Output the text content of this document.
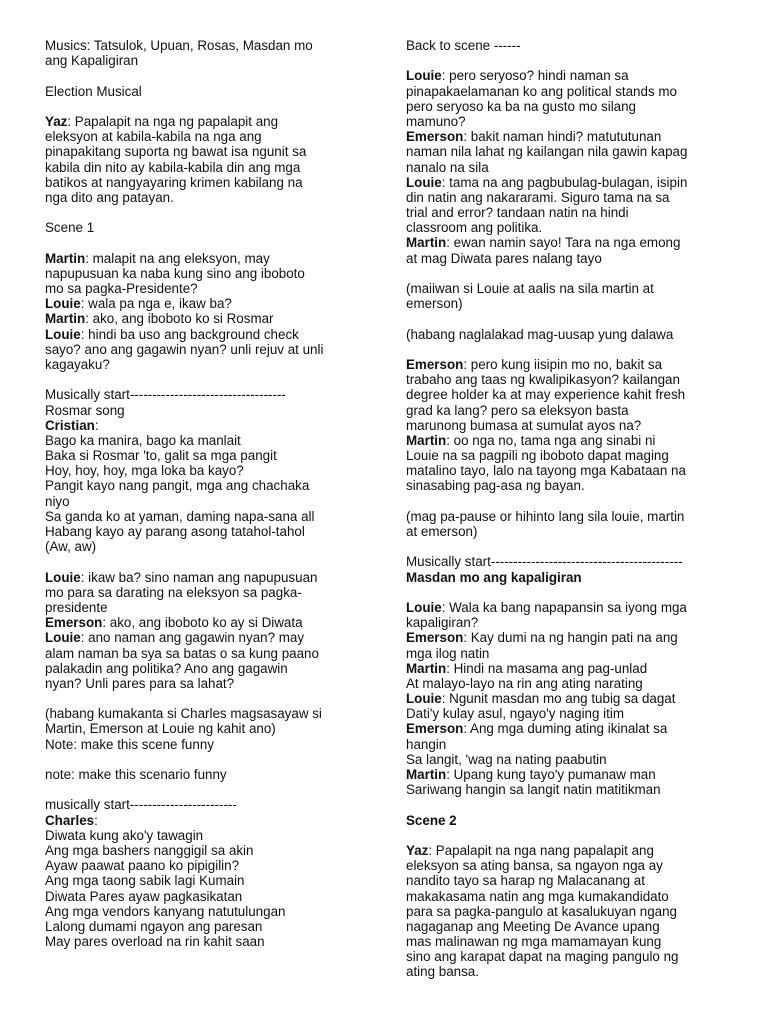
Musics: Tatsulok, Upuan, Rosas, Masdan mo
ang Kapaligiran
Election Musical
Yaz: Papalapit na nga ng papalapit ang
eleksyon at kabila-kabila na nga ang
pinapakitang suporta ng bawat isa ngunit sa
kabila din nito ay kabila-kabila din ang mga
batikos at nangyayaring krimen kabilang na
nga dito ang patayan.
Scene 1
Martin: malapit na ang eleksyon, may
napupusuan ka naba kung sino ang iboboto
mo sa pagka-Presidente?
Louie: wala pa nga e, ikaw ba?
Martin: ako, ang iboboto ko si Rosmar
Louie: hindi ba uso ang background check
sayo? ano ang gagawin nyan? unli rejuv at unli
kagayaku?
Musically start-----------------------------------
Rosmar song
Cristian:
Bago ka manira, bago ka manlait
Baka si Rosmar 'to, galit sa mga pangit
Hoy, hoy, hoy, mga loka ba kayo?
Pangit kayo nang pangit, mga ang chachaka
niyo
Sa ganda ko at yaman, daming napa-sana all
Habang kayo ay parang asong tatahol-tahol
(Aw, aw)
Louie: ikaw ba? sino naman ang napupusuan
mo para sa darating na eleksyon sa pagka-
presidente
Emerson: ako, ang iboboto ko ay si Diwata
Louie: ano naman ang gagawin nyan? may
alam naman ba sya sa batas o sa kung paano
palakadin ang politika? Ano ang gagawin
nyan? Unli pares para sa lahat?
(habang kumakanta si Charles magsasayaw si
Martin, Emerson at Louie ng kahit ano)
Note: make this scene funny
note: make this scenario funny
musically start------------------------
Charles:
Diwata kung ako'y tawagin
Ang mga bashers nanggigil sa akin
Ayaw paawat paano ko pipigilin?
Ang mga taong sabik lagi Kumain
Diwata Pares ayaw pagkasikatan
Ang mga vendors kanyang natutulungan
Lalong dumami ngayon ang paresan
May pares overload na rin kahit saan
Back to scene ------
Louie: pero seryoso? hindi naman sa
pinapakaelamanan ko ang political stands mo
pero seryoso ka ba na gusto mo silang
mamuno?
Emerson: bakit naman hindi? matututunan
naman nila lahat ng kailangan nila gawin kapag
nanalo na sila
Louie: tama na ang pagbubulag-bulagan, isipin
din natin ang nakararami. Siguro tama na sa
trial and error? tandaan natin na hindi
classroom ang politika.
Martin: ewan namin sayo! Tara na nga emong
at mag Diwata pares nalang tayo
(maiiwan si Louie at aalis na sila martin at
emerson)
(habang naglalakad mag-uusap yung dalawa
Emerson: pero kung iisipin mo no, bakit sa
trabaho ang taas ng kwalipikasyon? kailangan
degree holder ka at may experience kahit fresh
grad ka lang? pero sa eleksyon basta
marunong bumasa at sumulat ayos na?
Martin: oo nga no, tama nga ang sinabi ni
Louie na sa pagpili ng iboboto dapat maging
matalino tayo, lalo na tayong mga Kabataan na
sinasabing pag-asa ng bayan.
(mag pa-pause or hihinto lang sila louie, martin
at emerson)
Musically start-------------------------------------------
Masdan mo ang kapaligiran
Louie: Wala ka bang napapansin sa iyong mga
kapaligiran?
Emerson: Kay dumi na ng hangin pati na ang
mga ilog natin
Martin: Hindi na masama ang pag-unlad
At malayo-layo na rin ang ating narating
Louie: Ngunit masdan mo ang tubig sa dagat
Dati'y kulay asul, ngayo'y naging itim
Emerson: Ang mga duming ating ikinalat sa
hangin
Sa langit, 'wag na nating paabutin
Martin: Upang kung tayo'y pumanaw man
Sariwang hangin sa langit natin matitikman
Scene 2
Yaz: Papalapit na nga nang papalapit ang
eleksyon sa ating bansa, sa ngayon nga ay
nandito tayo sa harap ng Malacanang at
makakasama natin ang mga kumakandidato
para sa pagka-pangulo at kasalukuyan ngang
nagaganap ang Meeting De Avance upang
mas malinawan ng mga mamamayan kung
sino ang karapat dapat na maging pangulo ng
ating bansa.
